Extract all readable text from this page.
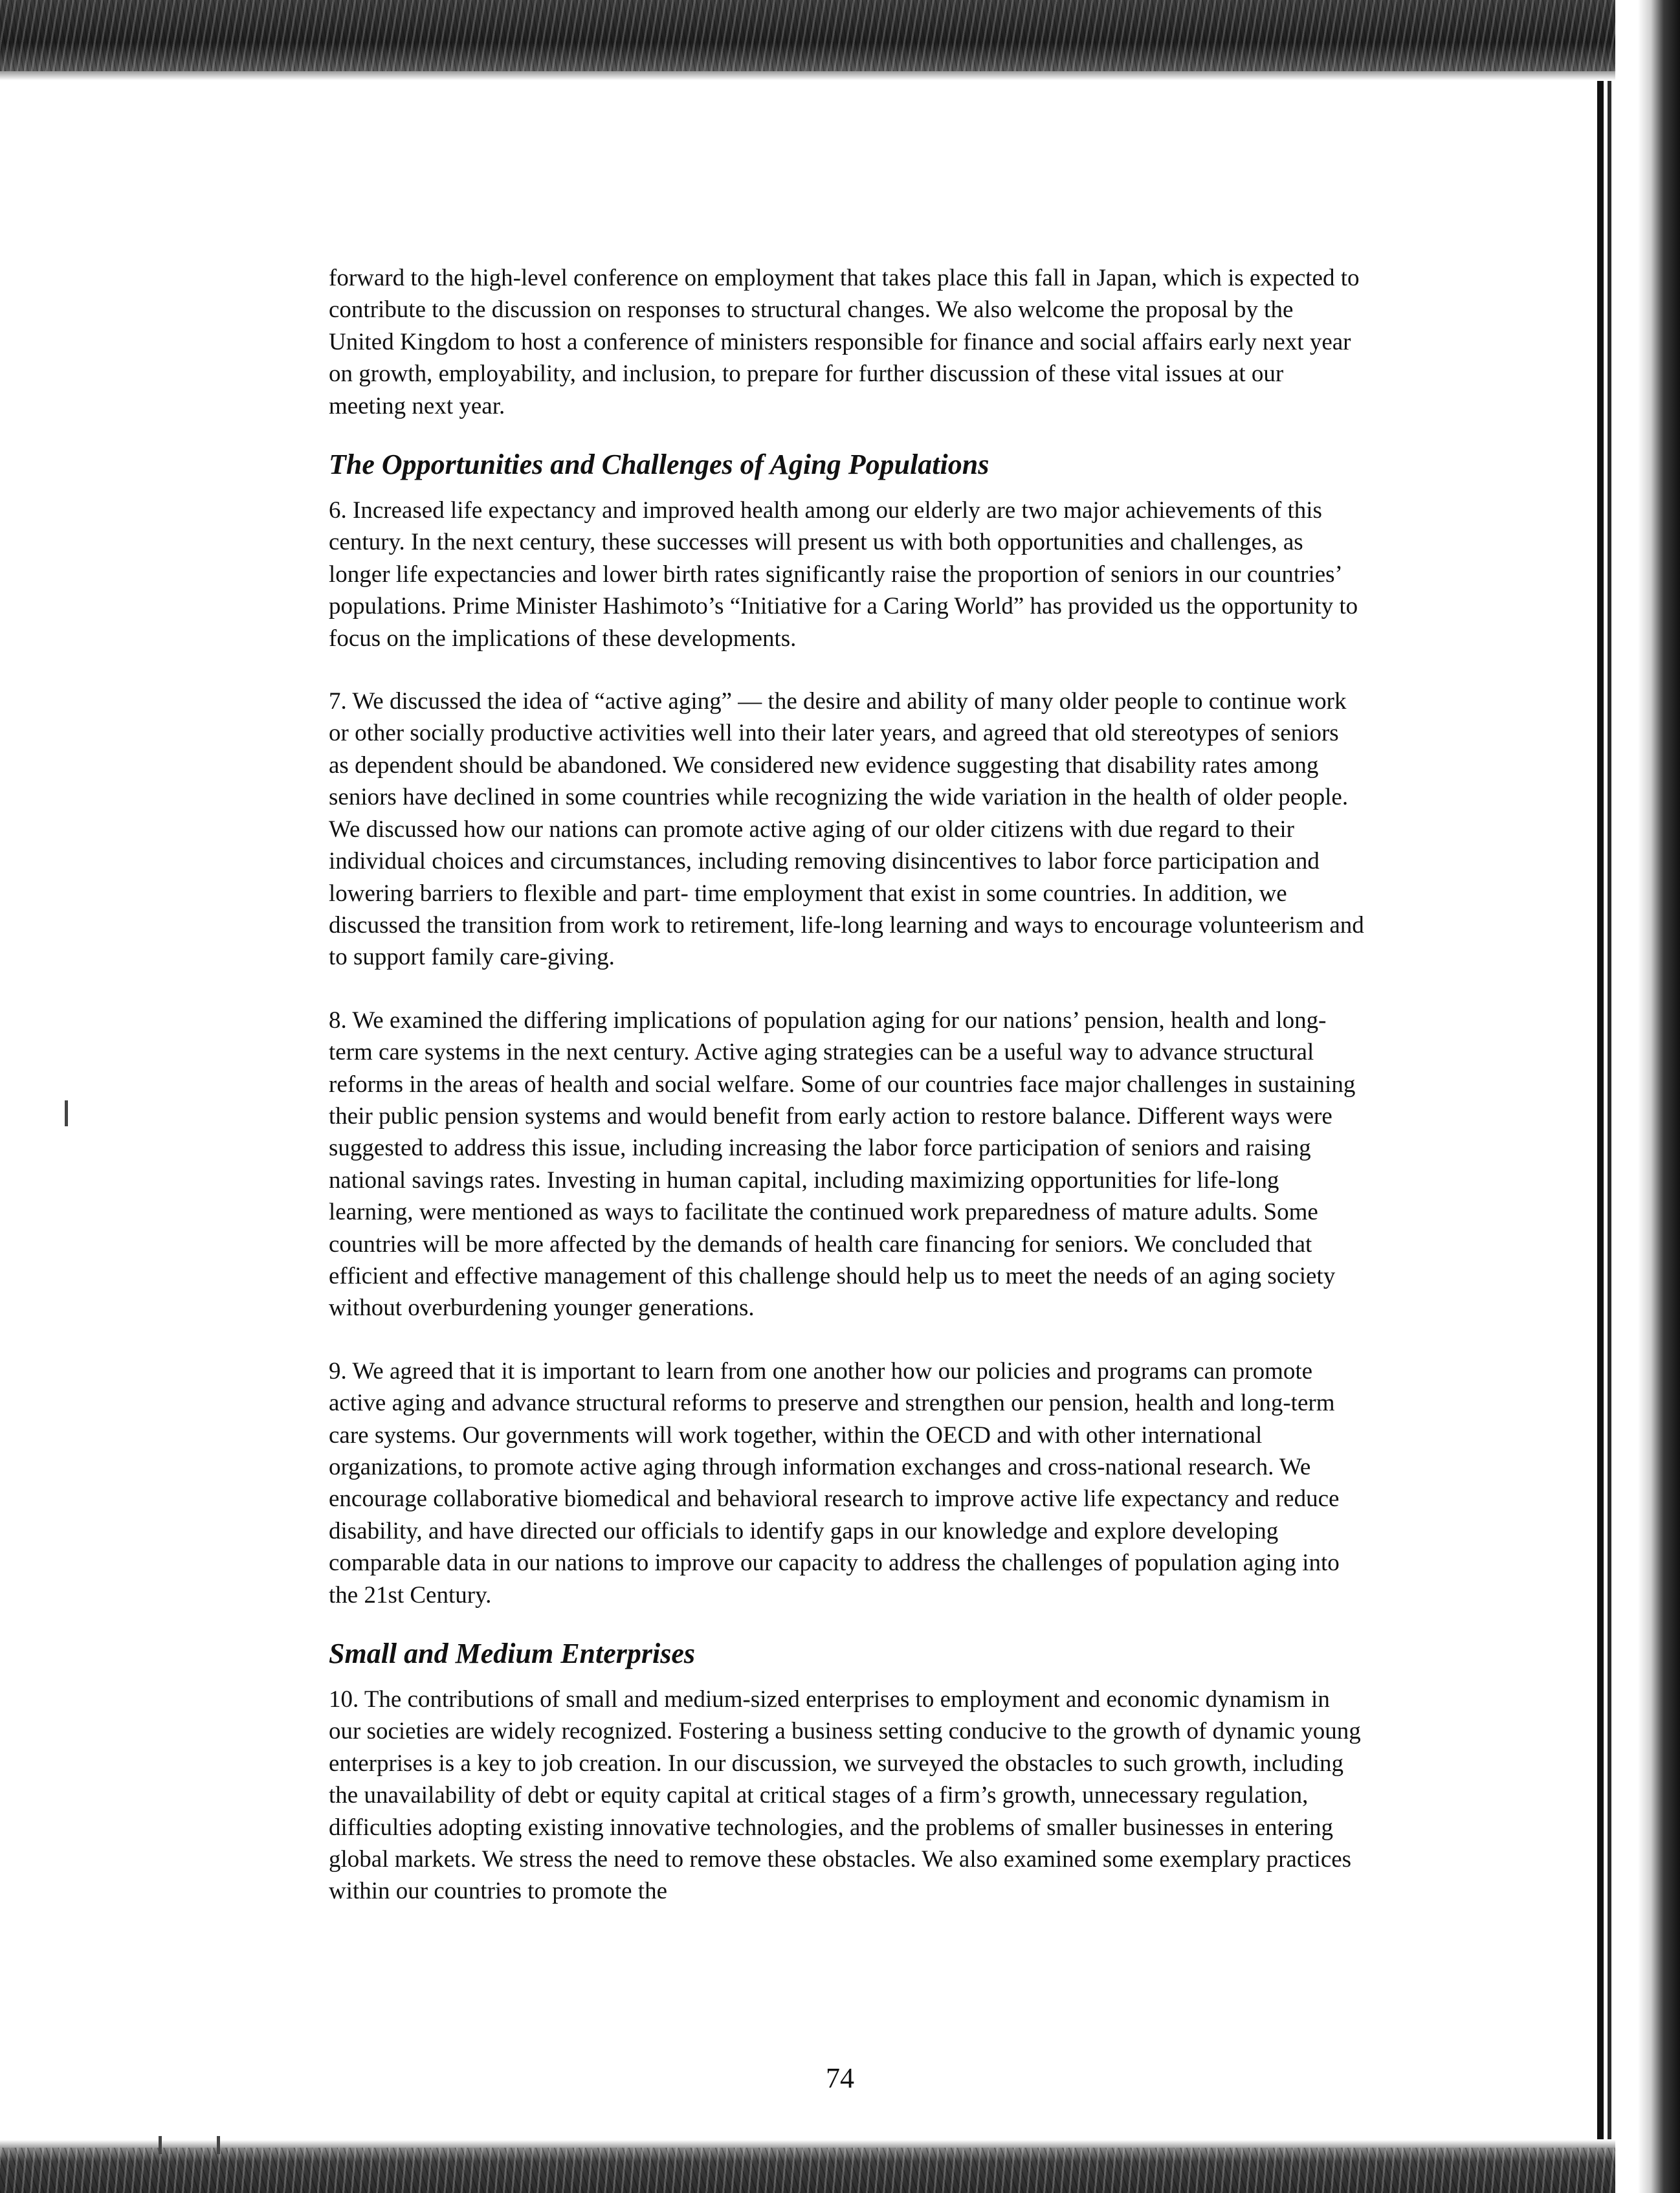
forward to the high-level conference on employment that takes place this fall in Japan, which is expected to contribute to the discussion on responses to structural changes. We also welcome the proposal by the United Kingdom to host a conference of ministers responsible for finance and social affairs early next year on growth, employability, and inclusion, to prepare for further discussion of these vital issues at our meeting next year.

The Opportunities and Challenges of Aging Populations

6. Increased life expectancy and improved health among our elderly are two major achievements of this century. In the next century, these successes will present us with both opportunities and challenges, as longer life expectancies and lower birth rates significantly raise the proportion of seniors in our countries’ populations. Prime Minister Hashimoto’s “Initiative for a Caring World” has provided us the opportunity to focus on the implications of these developments.

7. We discussed the idea of “active aging” — the desire and ability of many older people to continue work or other socially productive activities well into their later years, and agreed that old stereotypes of seniors as dependent should be abandoned. We considered new evidence suggesting that disability rates among seniors have declined in some countries while recognizing the wide variation in the health of older people. We discussed how our nations can promote active aging of our older citizens with due regard to their individual choices and circumstances, including removing disincentives to labor force participation and lowering barriers to flexible and part- time employment that exist in some countries. In addition, we discussed the transition from work to retirement, life-long learning and ways to encourage volunteerism and to support family care-giving.

8. We examined the differing implications of population aging for our nations’ pension, health and long-term care systems in the next century. Active aging strategies can be a useful way to advance structural reforms in the areas of health and social welfare. Some of our countries face major challenges in sustaining their public pension systems and would benefit from early action to restore balance. Different ways were suggested to address this issue, including increasing the labor force participation of seniors and raising national savings rates. Investing in human capital, including maximizing opportunities for life-long learning, were mentioned as ways to facilitate the continued work preparedness of mature adults. Some countries will be more affected by the demands of health care financing for seniors. We concluded that efficient and effective management of this challenge should help us to meet the needs of an aging society without overburdening younger generations.

9. We agreed that it is important to learn from one another how our policies and programs can promote active aging and advance structural reforms to preserve and strengthen our pension, health and long-term care systems. Our governments will work together, within the OECD and with other international organizations, to promote active aging through information exchanges and cross-national research. We encourage collaborative biomedical and behavioral research to improve active life expectancy and reduce disability, and have directed our officials to identify gaps in our knowledge and explore developing comparable data in our nations to improve our capacity to address the challenges of population aging into the 21st Century.

Small and Medium Enterprises

10. The contributions of small and medium-sized enterprises to employment and economic dynamism in our societies are widely recognized. Fostering a business setting conducive to the growth of dynamic young enterprises is a key to job creation. In our discussion, we surveyed the obstacles to such growth, including the unavailability of debt or equity capital at critical stages of a firm’s growth, unnecessary regulation, difficulties adopting existing innovative technologies, and the problems of smaller businesses in entering global markets. We stress the need to remove these obstacles. We also examined some exemplary practices within our countries to promote the

74
